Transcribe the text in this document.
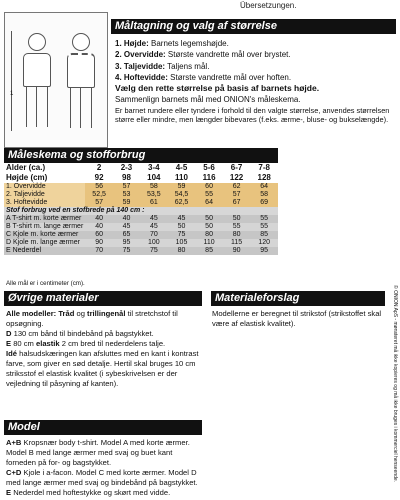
Übersetzungen.
1
Måltagning og valg af størrelse
1. Højde: Barnets legemshøjde.
2. Overvidde: Største vandrette mål over brystet.
3. Taljevidde: Taljens mål.
4. Hoftevidde: Største vandrette mål over hoften.
Vælg den rette størrelse på basis af barnets højde.
Sammenlign barnets mål med ONION's måleskema.
Er barnet rundere eller tyndere i forhold til den valgte størrelse, anvendes størrelsen større eller mindre, men længder bibevares (f.eks. ærme-, bluse- og bukselængde).
Måleskema og stofforbrug
Alder (ca.)	2	2-3	3-4	4-5	5-6	6-7	7-8
Højde (cm)	92	98	104	110	116	122	128
1. Overvidde	56	57	58	59	60	62	64
2. Taljevidde	52,5	53	53,5	54,5	55	57	58
3. Hoftevidde	57	59	61	62,5	64	67	69
Stof forbrug ved en stofbrede på 140 cm :							
A T-shirt m. korte ærmer	40	40	45	45	50	50	55
B T-shirt m. lange ærmer	40	45	45	50	50	55	55
C Kjole m. korte ærmer	60	65	70	75	80	80	85
D Kjole m. lange ærmer	90	95	100	105	110	115	120
E Nederdel	70	75	75	80	85	90	95
Alle mål er i centimeter (cm).
Øvrige materialer
Alle modeller: Tråd og trillingenål til stretchstof til opsøgning.
D 130 cm bånd til bindebånd på bagstykket.
E 80 cm elastik 2 cm bred til nederdelens talje.
Idé halsudskæringen kan afsluttes med en kant i kontrast farve, som giver en sød detalje. Hertil skal bruges 10 cm striksstof el elastisk kvalitet (i sybeskrivelsen er der vejledning til påsyning af kanten).
Materialeforslag
Modellerne er beregnet til strikstof (strikstoffet skal være af elastisk kvalitet).
Model
A+B Kropsnær body t-shirt. Model A med korte ærmer. Model B med lange ærmer med svaj og buet kant forneden på for- og bagstykket.
C+D Kjole i a-facon. Model C med korte ærmer. Model D med lange ærmer med svaj og bindebånd på bagstykket.
E Nederdel med hoftestykke og skørt med vidde.
© ONION ApS - mønsteret må ikke kopieres og må ikke bruges i kommerciel henseende.
